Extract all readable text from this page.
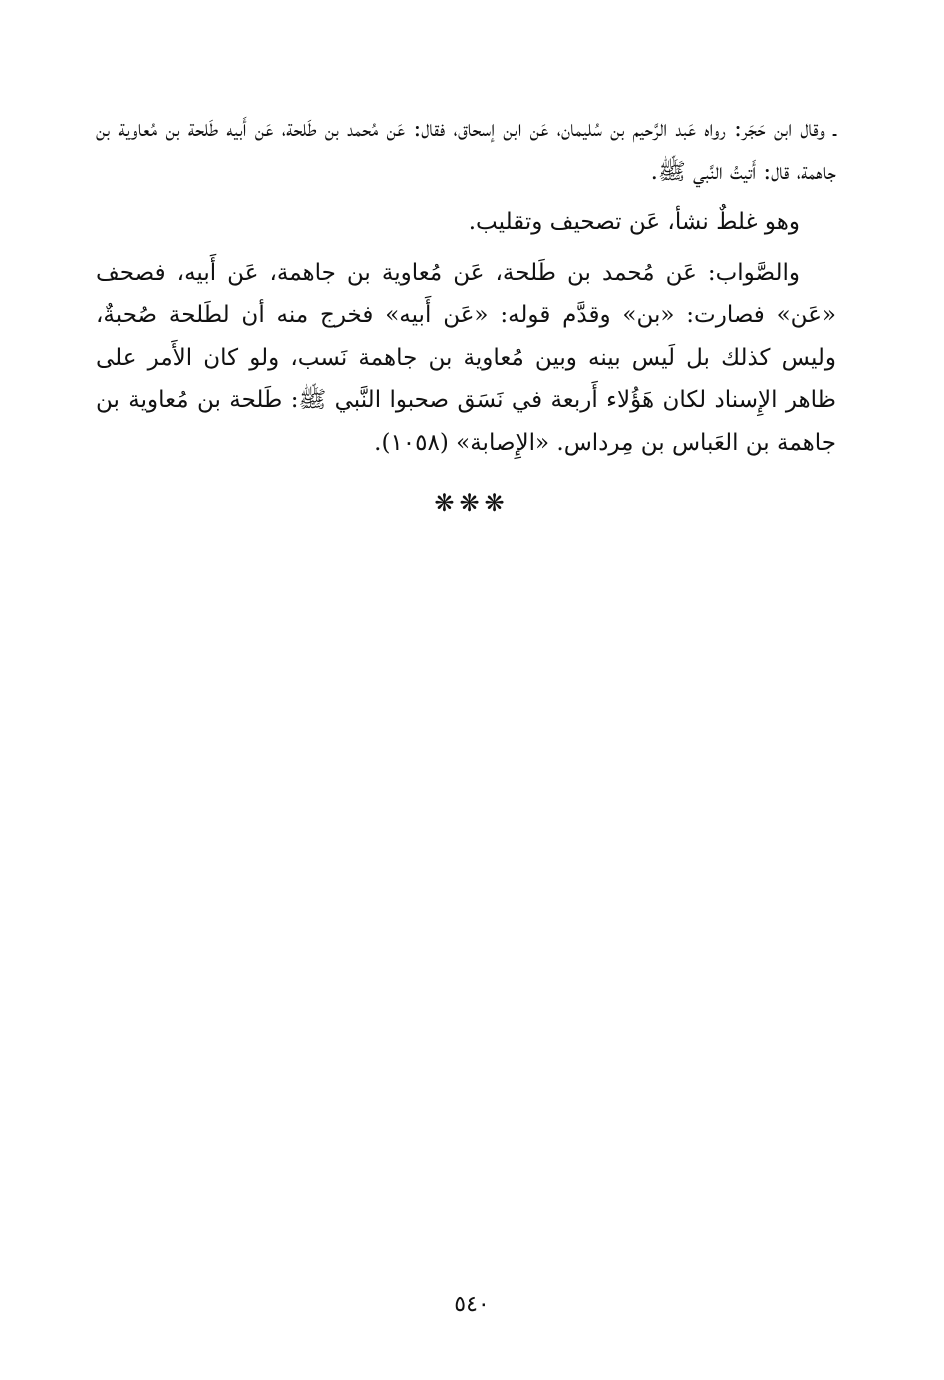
ـ وقال ابن حَجَر: رواه عَبد الرَّحيم بن سُليمان، عَن ابن إسحاق، فقال: عَن مُحمد بن طَلحة، عَن أَبيه طَلحة بن مُعاوية بن جاهمة، قال: أَتيتُ النَّبي ﷺ.

وهو غلطٌ نشأ، عَن تصحيف وتقليب.

والصَّواب: عَن مُحمد بن طَلحة، عَن مُعاوية بن جاهمة، عَن أَبيه، فصحف «عَن» فصارت: «بن» وقدَّم قوله: «عَن أَبيه» فخرج منه أن لطَلحة صُحبةٌ، وليس كذلك بل لَيس بينه وبين مُعاوية بن جاهمة نَسب، ولو كان الأَمر على ظاهر الإِسناد لكان هَؤُلاء أَربعة في نَسَق صحبوا النَّبي ﷺ: طَلحة بن مُعاوية بن جاهمة بن العَباس بن مِرداس. «الإِصابة» (١٠٥٨).

❋❋❋
٥٤٠
